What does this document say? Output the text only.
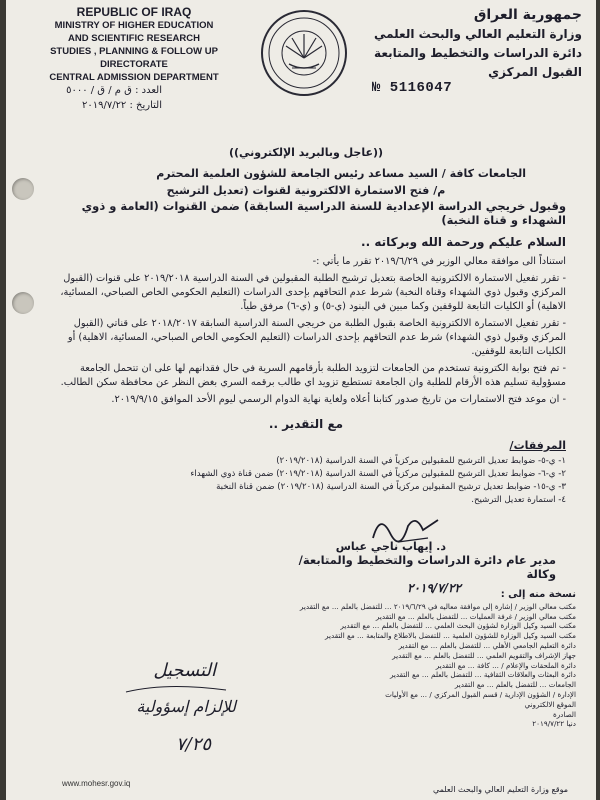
REPUBLIC OF IRAQ
MINISTRY OF HIGHER EDUCATION
AND SCIENTIFIC RESEARCH
STUDIES , PLANNING & FOLLOW UP DIRECTORATE
CENTRAL ADMISSION DEPARTMENT
جمهورية العراق
وزارة التعليم العالي والبحث العلمي
دائرة الدراسات والتخطيط والمتابعة
القبول المركزي
العدد : ق م / ق / ٥٠٠٠
التاريخ : ٢٠١٩/٧/٢٢
№ 5116047
((عاجل وبالبريد الإلكتروني))
الجامعات كافة / السيد مساعد رئيس الجامعة للشؤون العلمية المحترم
م/ فتح الاستمارة الالكترونية لقنوات (تعديل الترشيح
وقبول خريجي الدراسة الإعدادية للسنة الدراسية السابقة) ضمن القنوات (العامة و ذوي الشهداء و قناة النخبة)
السلام عليكم ورحمة الله وبركاته ..
استناداً الى موافقة معالي الوزير في ٢٠١٩/٦/٢٩ تقرر ما يأتي :-
- تقرر تفعيل الاستمارة الالكترونية الخاصة بتعديل ترشيح الطلبة المقبولين في السنة الدراسية ٢٠١٩/٢٠١٨ على قنوات (القبول المركزي وقبول ذوي الشهداء وقناة النخبة) شرط عدم التحاقهم بإحدى الدراسات (التعليم الحكومي الخاص الصباحي، المسائية، الاهلية) أو الكليات التابعة للوقفين وكما مبين في البنود (ي-٥) و (ي-٦) مرفق طياً.
- تقرر تفعيل الاستمارة الالكترونية الخاصة بقبول الطلبة من خريجي السنة الدراسية السابقة ٢٠١٨/٢٠١٧ على قناتي (القبول المركزي وقبول ذوي الشهداء) شرط عدم التحاقهم بإحدى الدراسات (التعليم الحكومي الخاص الصباحي، المسائية، الاهلية) أو الكليات التابعة للوقفين.
- تم فتح بوابة الكترونية تستخدم من الجامعات لتزويد الطلبة بأرقامهم السرية في حال فقدانهم لها على ان تتحمل الجامعة مسؤولية تسليم هذه الأرقام للطلبة وان الجامعة تستطيع تزويد اي طالب برقمه السري بغض النظر عن محافظة سكن الطالب.
- ان موعد فتح الاستمارات من تاريخ صدور كتابنا أعلاه ولغاية نهاية الدوام الرسمي ليوم الأحد الموافق ٢٠١٩/٩/١٥.
مع التقدير ..
المرفقات/
١- ي-٥- ضوابط تعديل الترشيح للمقبولين مركزياً في السنة الدراسية (٢٠١٩/٢٠١٨)
٢- ي-٦- ضوابط تعديل الترشيح للمقبولين مركزياً في السنة الدراسية (٢٠١٩/٢٠١٨) ضمن قناة ذوي الشهداء
٣- ي-١٥- ضوابط تعديل ترشيح المقبولين مركزياً في السنة الدراسية (٢٠١٩/٢٠١٨) ضمن قناة النخبة
٤- استمارة تعديل الترشيح.
د. إيهاب ناجي عباس
مدير عام دائرة الدراسات والتخطيط والمتابعة/وكالة
٢٠١٩/٧/٢٢	نسخة منه إلى :
مكتب معالي الوزير / إشارة إلى موافقة معاليه في ٢٠١٩/٦/٢٩ ... للتفضل بالعلم ... مع التقدير
مكتب معالي الوزير / غرفة العمليات ... للتفضل بالعلم ... مع التقدير
مكتب السيد وكيل الوزارة لشؤون البحث العلمي ... للتفضل بالعلم ... مع التقدير
مكتب السيد وكيل الوزارة للشؤون العلمية ... للتفضل بالاطلاع والمتابعة ... مع التقدير
دائرة التعليم الجامعي الأهلي ... للتفضل بالعلم ... مع التقدير
جهاز الإشراف والتقويم العلمي ... للتفضل بالعلم ... مع التقدير
دائرة الملحقات والإعلام / ... كافة ... مع التقدير
دائرة البعثات والعلاقات الثقافية ... للتفضل بالعلم ... مع التقدير
الجامعات ... للتفضل بالعلم ... مع التقدير
الإدارة / الشؤون الإدارية / قسم القبول المركزي / ... مع الأوليات
الموقع الالكتروني
الصادرة
دنيا ٢٠١٩/٧/٢٢
التسجيل
للإلزام إسؤولية
٧/٢٥
www.mohesr.gov.iq
موقع وزارة التعليم العالي والبحث العلمي
